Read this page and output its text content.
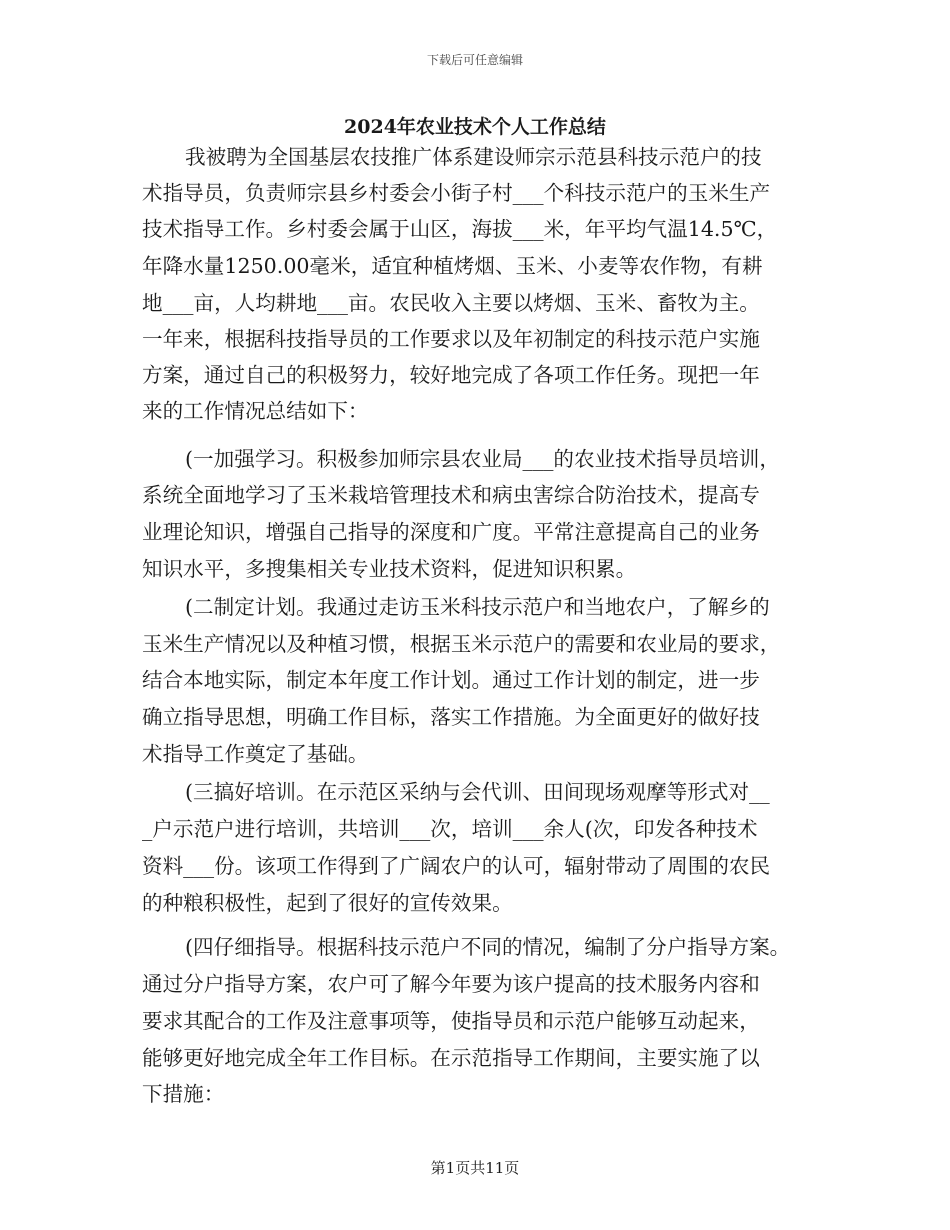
下载后可任意编辑
2024年农业技术个人工作总结
我被聘为全国基层农技推广体系建设师宗示范县科技示范户的技
术指导员，负责师宗县乡村委会小街子村___个科技示范户的玉米生产
技术指导工作。乡村委会属于山区，海拔___米，年平均气温14.5℃，
年降水量1250.00毫米，适宜种植烤烟、玉米、小麦等农作物，有耕
地___亩，人均耕地___亩。农民收入主要以烤烟、玉米、畜牧为主。
一年来，根据科技指导员的工作要求以及年初制定的科技示范户实施
方案，通过自己的积极努力，较好地完成了各项工作任务。现把一年
来的工作情况总结如下：
(一加强学习。积极参加师宗县农业局___的农业技术指导员培训，
系统全面地学习了玉米栽培管理技术和病虫害综合防治技术，提高专
业理论知识，增强自己指导的深度和广度。平常注意提高自己的业务
知识水平，多搜集相关专业技术资料，促进知识积累。
(二制定计划。我通过走访玉米科技示范户和当地农户，了解乡的
玉米生产情况以及种植习惯，根据玉米示范户的需要和农业局的要求，
结合本地实际，制定本年度工作计划。通过工作计划的制定，进一步
确立指导思想，明确工作目标，落实工作措施。为全面更好的做好技
术指导工作奠定了基础。
(三搞好培训。在示范区采纳与会代训、田间现场观摩等形式对__
_户示范户进行培训，共培训___次，培训___余人(次，印发各种技术
资料___份。该项工作得到了广阔农户的认可，辐射带动了周围的农民
的种粮积极性，起到了很好的宣传效果。
(四仔细指导。根据科技示范户不同的情况，编制了分户指导方案。
通过分户指导方案，农户可了解今年要为该户提高的技术服务内容和
要求其配合的工作及注意事项等，使指导员和示范户能够互动起来，
能够更好地完成全年工作目标。在示范指导工作期间，主要实施了以
下措施：
第1页共11页
